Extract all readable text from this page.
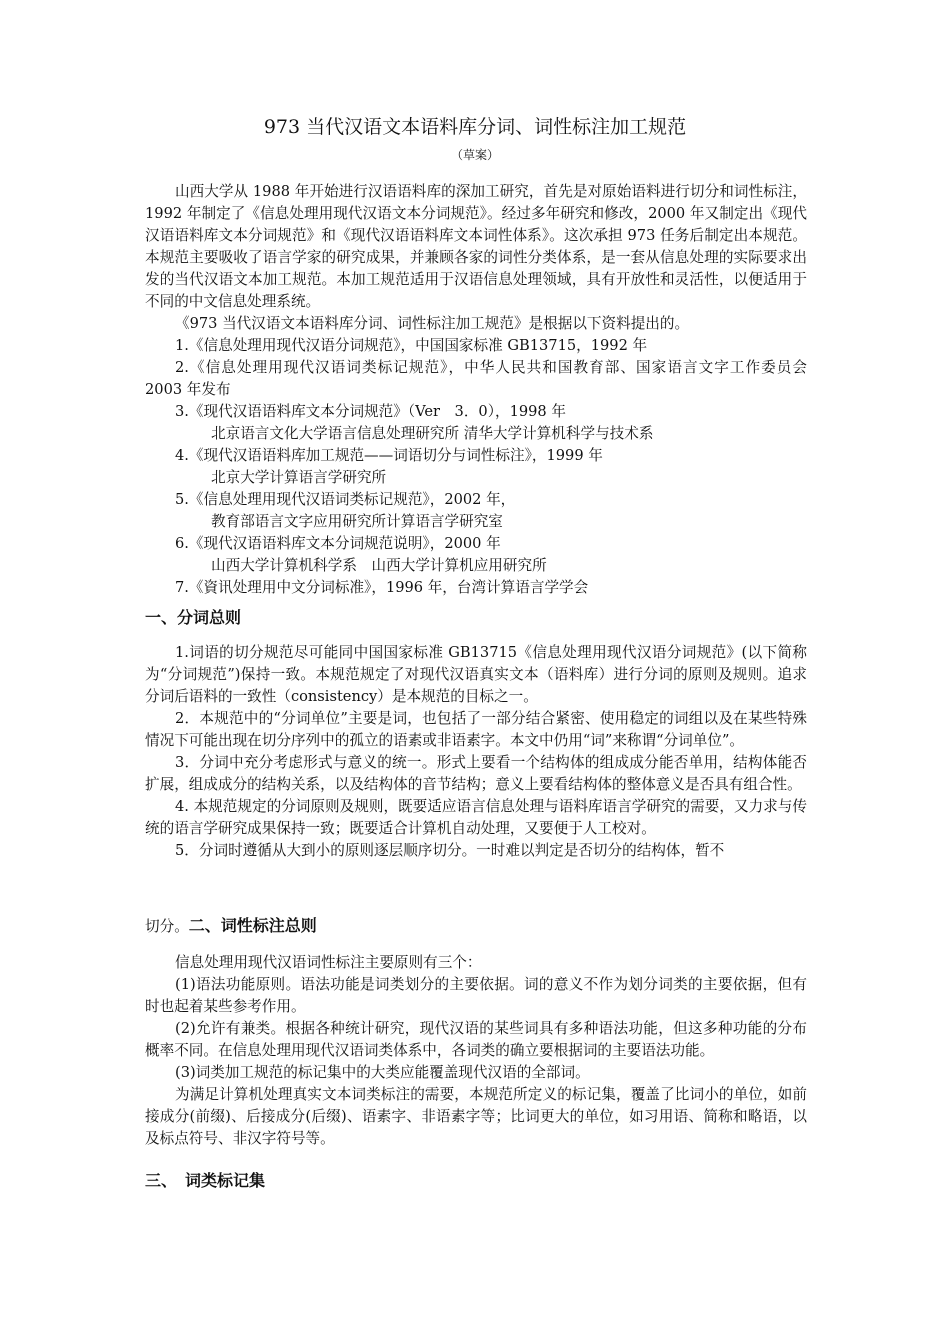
973 当代汉语文本语料库分词、词性标注加工规范
（草案）

山西大学从 1988 年开始进行汉语语料库的深加工研究，首先是对原始语料进行切分和词性标注，1992 年制定了《信息处理用现代汉语文本分词规范》。经过多年研究和修改，2000 年又制定出《现代汉语语料库文本分词规范》和《现代汉语语料库文本词性体系》。这次承担 973 任务后制定出本规范。本规范主要吸收了语言学家的研究成果，并兼顾各家的词性分类体系，是一套从信息处理的实际要求出发的当代汉语文本加工规范。本加工规范适用于汉语信息处理领域，具有开放性和灵活性，以便适用于不同的中文信息处理系统。

《973 当代汉语文本语料库分词、词性标注加工规范》是根据以下资料提出的。

1.《信息处理用现代汉语分词规范》，中国国家标准 GB13715，1992 年

2.《信息处理用现代汉语词类标记规范》，中华人民共和国教育部、国家语言文字工作委员会 2003 年发布

3.《现代汉语语料库文本分词规范》（Ver　3．0），1998 年

北京语言文化大学语言信息处理研究所 清华大学计算机科学与技术系

4.《现代汉语语料库加工规范——词语切分与词性标注》，1999 年

北京大学计算语言学研究所

5.《信息处理用现代汉语词类标记规范》，2002 年，

教育部语言文字应用研究所计算语言学研究室

6.《现代汉语语料库文本分词规范说明》，2000 年

山西大学计算机科学系　山西大学计算机应用研究所

7.《資讯处理用中文分词标准》，1996 年，台湾计算语言学学会

一、分词总则

1.词语的切分规范尽可能同中国国家标准 GB13715《信息处理用现代汉语分词规范》(以下简称为“分词规范”)保持一致。本规范规定了对现代汉语真实文本（语料库）进行分词的原则及规则。追求分词后语料的一致性（consistency）是本规范的目标之一。

2．本规范中的“分词单位”主要是词，也包括了一部分结合紧密、使用稳定的词组以及在某些特殊情况下可能出现在切分序列中的孤立的语素或非语素字。本文中仍用“词”来称谓“分词单位”。

3．分词中充分考虑形式与意义的统一。形式上要看一个结构体的组成成分能否单用，结构体能否扩展，组成成分的结构关系，以及结构体的音节结构；意义上要看结构体的整体意义是否具有组合性。

4. 本规范规定的分词原则及规则，既要适应语言信息处理与语料库语言学研究的需要，又力求与传统的语言学研究成果保持一致；既要适合计算机自动处理，又要便于人工校对。

5．分词时遵循从大到小的原则逐层顺序切分。一时难以判定是否切分的结构体，暂不

切分。二、词性标注总则

信息处理用现代汉语词性标注主要原则有三个：

(1)语法功能原则。语法功能是词类划分的主要依据。词的意义不作为划分词类的主要依据，但有时也起着某些参考作用。

(2)允许有兼类。根据各种统计研究，现代汉语的某些词具有多种语法功能，但这多种功能的分布概率不同。在信息处理用现代汉语词类体系中，各词类的确立要根据词的主要语法功能。

(3)词类加工规范的标记集中的大类应能覆盖现代汉语的全部词。

为满足计算机处理真实文本词类标注的需要，本规范所定义的标记集，覆盖了比词小的单位，如前接成分(前缀)、后接成分(后缀)、语素字、非语素字等；比词更大的单位，如习用语、简称和略语，以及标点符号、非汉字符号等。

三、　词类标记集
